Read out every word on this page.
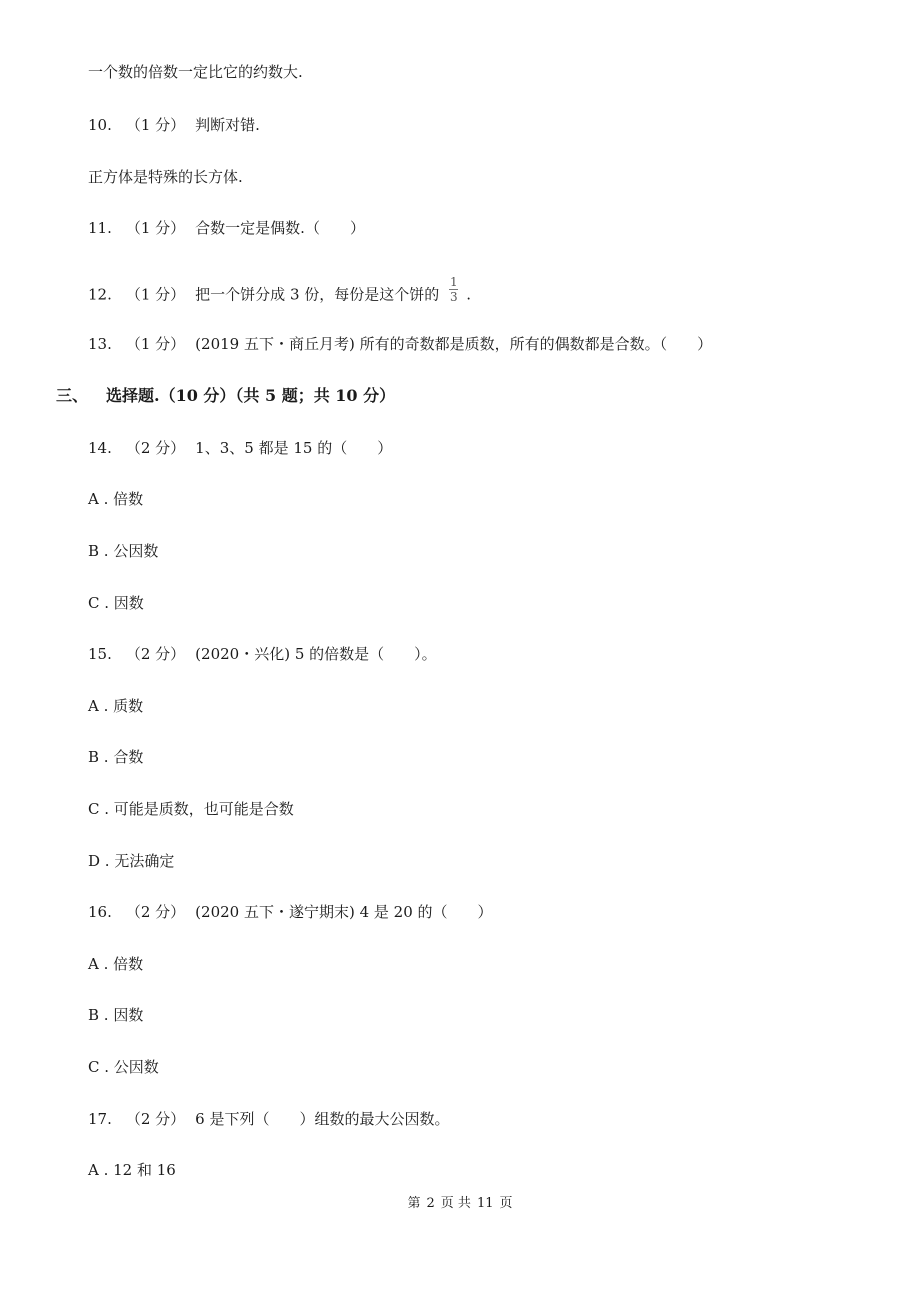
一个数的倍数一定比它的约数大.
10. （1 分） 判断对错.
正方体是特殊的长方体.
11. （1 分） 合数一定是偶数.（　　）
12. （1 分） 把一个饼分成 3 份，每份是这个饼的 $\frac{1}{3}$ .
13. （1 分） (2019 五下・商丘月考) 所有的奇数都是质数，所有的偶数都是合数。（　　）
三、 选择题.（10 分）（共 5 题；共 10 分）
14. （2 分） 1、3、5 都是 15 的（　　）
A . 倍数
B . 公因数
C . 因数
15. （2 分） (2020・兴化) 5 的倍数是（　　）。
A . 质数
B . 合数
C . 可能是质数，也可能是合数
D . 无法确定
16. （2 分） (2020 五下・遂宁期末) 4 是 20 的（　　）
A . 倍数
B . 因数
C . 公因数
17. （2 分） 6 是下列（　　）组数的最大公因数。
A . 12 和 16
第 2 页 共 11 页
